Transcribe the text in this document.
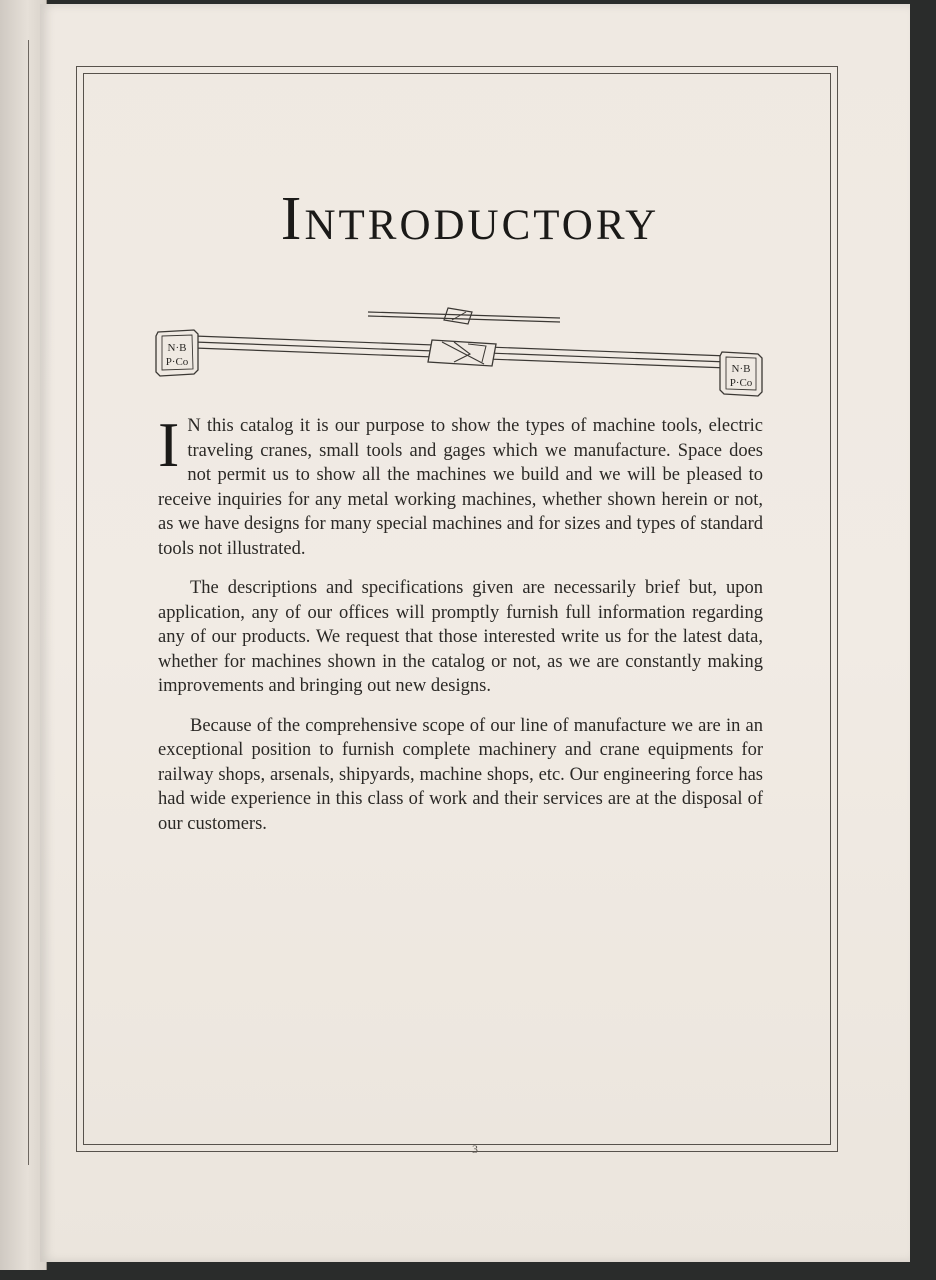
Introductory
N·B
P·Co
N·B
P·Co

I N this catalog it is our purpose to show the types of machine tools, electric traveling cranes, small tools and gages which we manufacture. Space does not permit us to show all the machines we build and we will be pleased to receive inquiries for any metal working machines, whether shown herein or not, as we have designs for many special machines and for sizes and types of standard tools not illustrated.

The descriptions and specifications given are necessarily brief but, upon application, any of our offices will promptly furnish full information regarding any of our products. We request that those interested write us for the latest data, whether for machines shown in the catalog or not, as we are constantly making improvements and bringing out new designs.

Because of the comprehensive scope of our line of manufacture we are in an exceptional position to furnish complete machinery and crane equipments for railway shops, arsenals, shipyards, machine shops, etc. Our engineering force has had wide experience in this class of work and their services are at the disposal of our customers.

3
